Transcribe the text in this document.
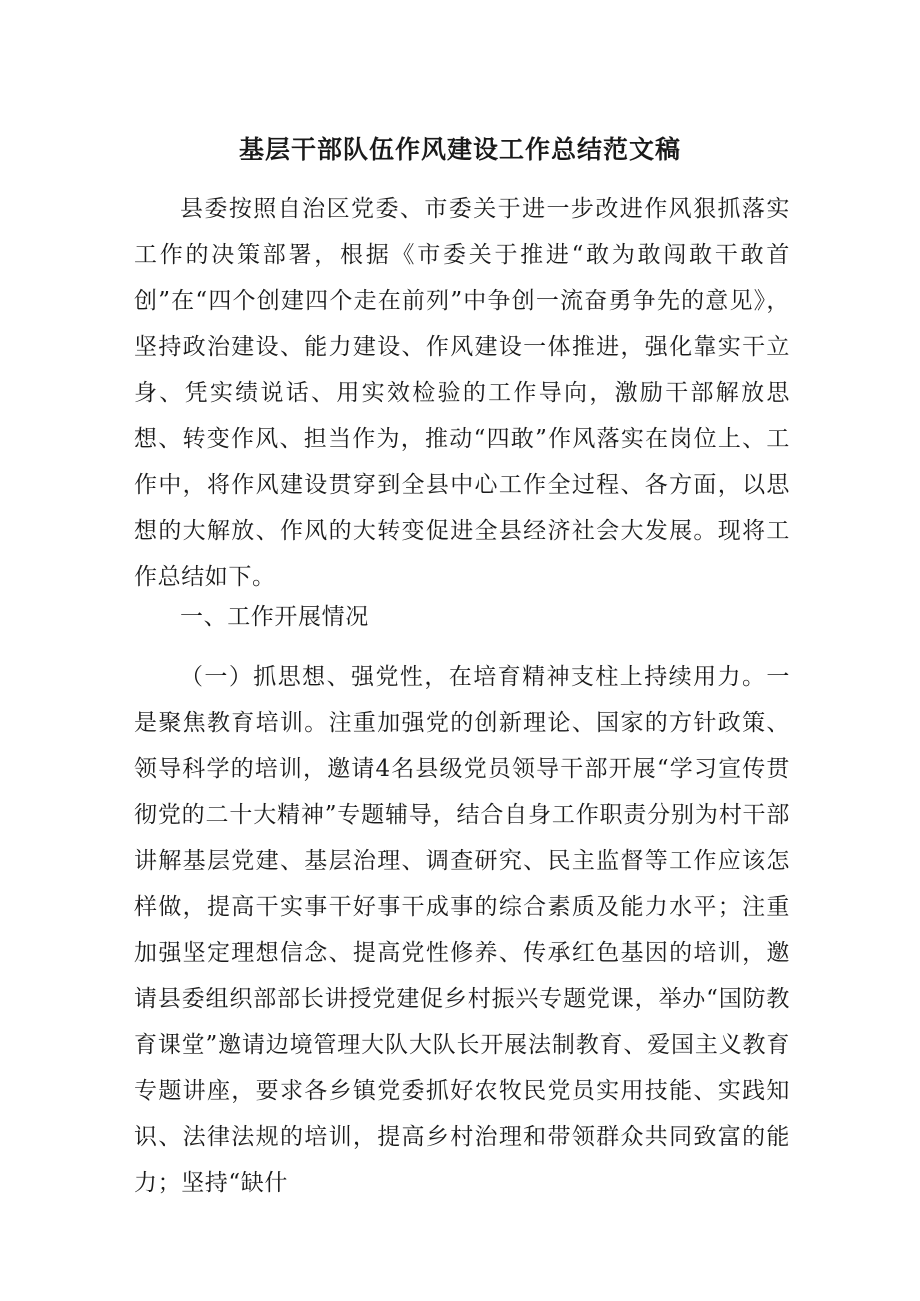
基层干部队伍作风建设工作总结范文稿

县委按照自治区党委、市委关于进一步改进作风狠抓落实工作的决策部署，根据《市委关于推进“敢为敢闯敢干敢首创”在“四个创建四个走在前列”中争创一流奋勇争先的意见》，坚持政治建设、能力建设、作风建设一体推进，强化靠实干立身、凭实绩说话、用实效检验的工作导向，激励干部解放思想、转变作风、担当作为，推动“四敢”作风落实在岗位上、工作中，将作风建设贯穿到全县中心工作全过程、各方面，以思想的大解放、作风的大转变促进全县经济社会大发展。现将工作总结如下。

一、工作开展情况

（一）抓思想、强党性，在培育精神支柱上持续用力。一是聚焦教育培训。注重加强党的创新理论、国家的方针政策、领导科学的培训，邀请4名县级党员领导干部开展“学习宣传贯彻党的二十大精神”专题辅导，结合自身工作职责分别为村干部讲解基层党建、基层治理、调查研究、民主监督等工作应该怎样做，提高干实事干好事干成事的综合素质及能力水平；注重加强坚定理想信念、提高党性修养、传承红色基因的培训，邀请县委组织部部长讲授党建促乡村振兴专题党课，举办“国防教育课堂”邀请边境管理大队大队长开展法制教育、爱国主义教育专题讲座，要求各乡镇党委抓好农牧民党员实用技能、实践知识、法律法规的培训，提高乡村治理和带领群众共同致富的能力；坚持“缺什
